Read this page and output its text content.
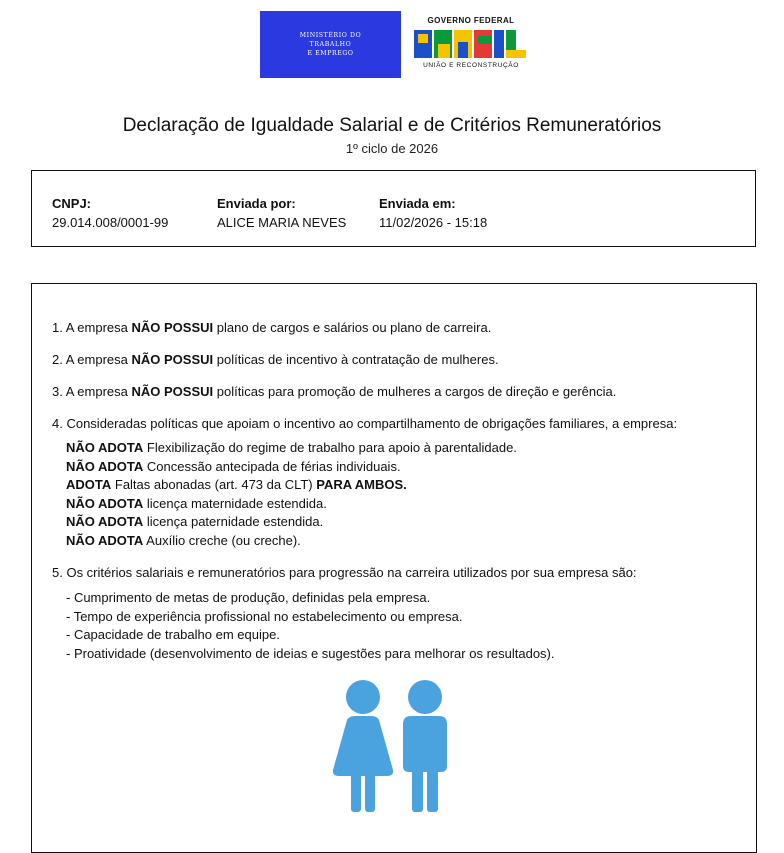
MINISTÉRIO DO
TRABALHO
E EMPREGO
GOVERNO FEDERAL
UNIÃO E RECONSTRUÇÃO
Declaração de Igualdade Salarial e de Critérios Remuneratórios
1º ciclo de 2026
CNPJ:
29.014.008/0001-99
Enviada por:
ALICE MARIA NEVES
Enviada em:
11/02/2026 - 15:18
1. A empresa NÃO POSSUI plano de cargos e salários ou plano de carreira.
2. A empresa NÃO POSSUI políticas de incentivo à contratação de mulheres.
3. A empresa NÃO POSSUI políticas para promoção de mulheres a cargos de direção e gerência.
4. Consideradas políticas que apoiam o incentivo ao compartilhamento de obrigações familiares, a empresa:
NÃO ADOTA Flexibilização do regime de trabalho para apoio à parentalidade.
NÃO ADOTA Concessão antecipada de férias individuais.
ADOTA Faltas abonadas (art. 473 da CLT) PARA AMBOS.
NÃO ADOTA licença maternidade estendida.
NÃO ADOTA licença paternidade estendida.
NÃO ADOTA Auxílio creche (ou creche).
5. Os critérios salariais e remuneratórios para progressão na carreira utilizados por sua empresa são:
- Cumprimento de metas de produção, definidas pela empresa.
- Tempo de experiência profissional no estabelecimento ou empresa.
- Capacidade de trabalho em equipe.
- Proatividade (desenvolvimento de ideias e sugestões para melhorar os resultados).
